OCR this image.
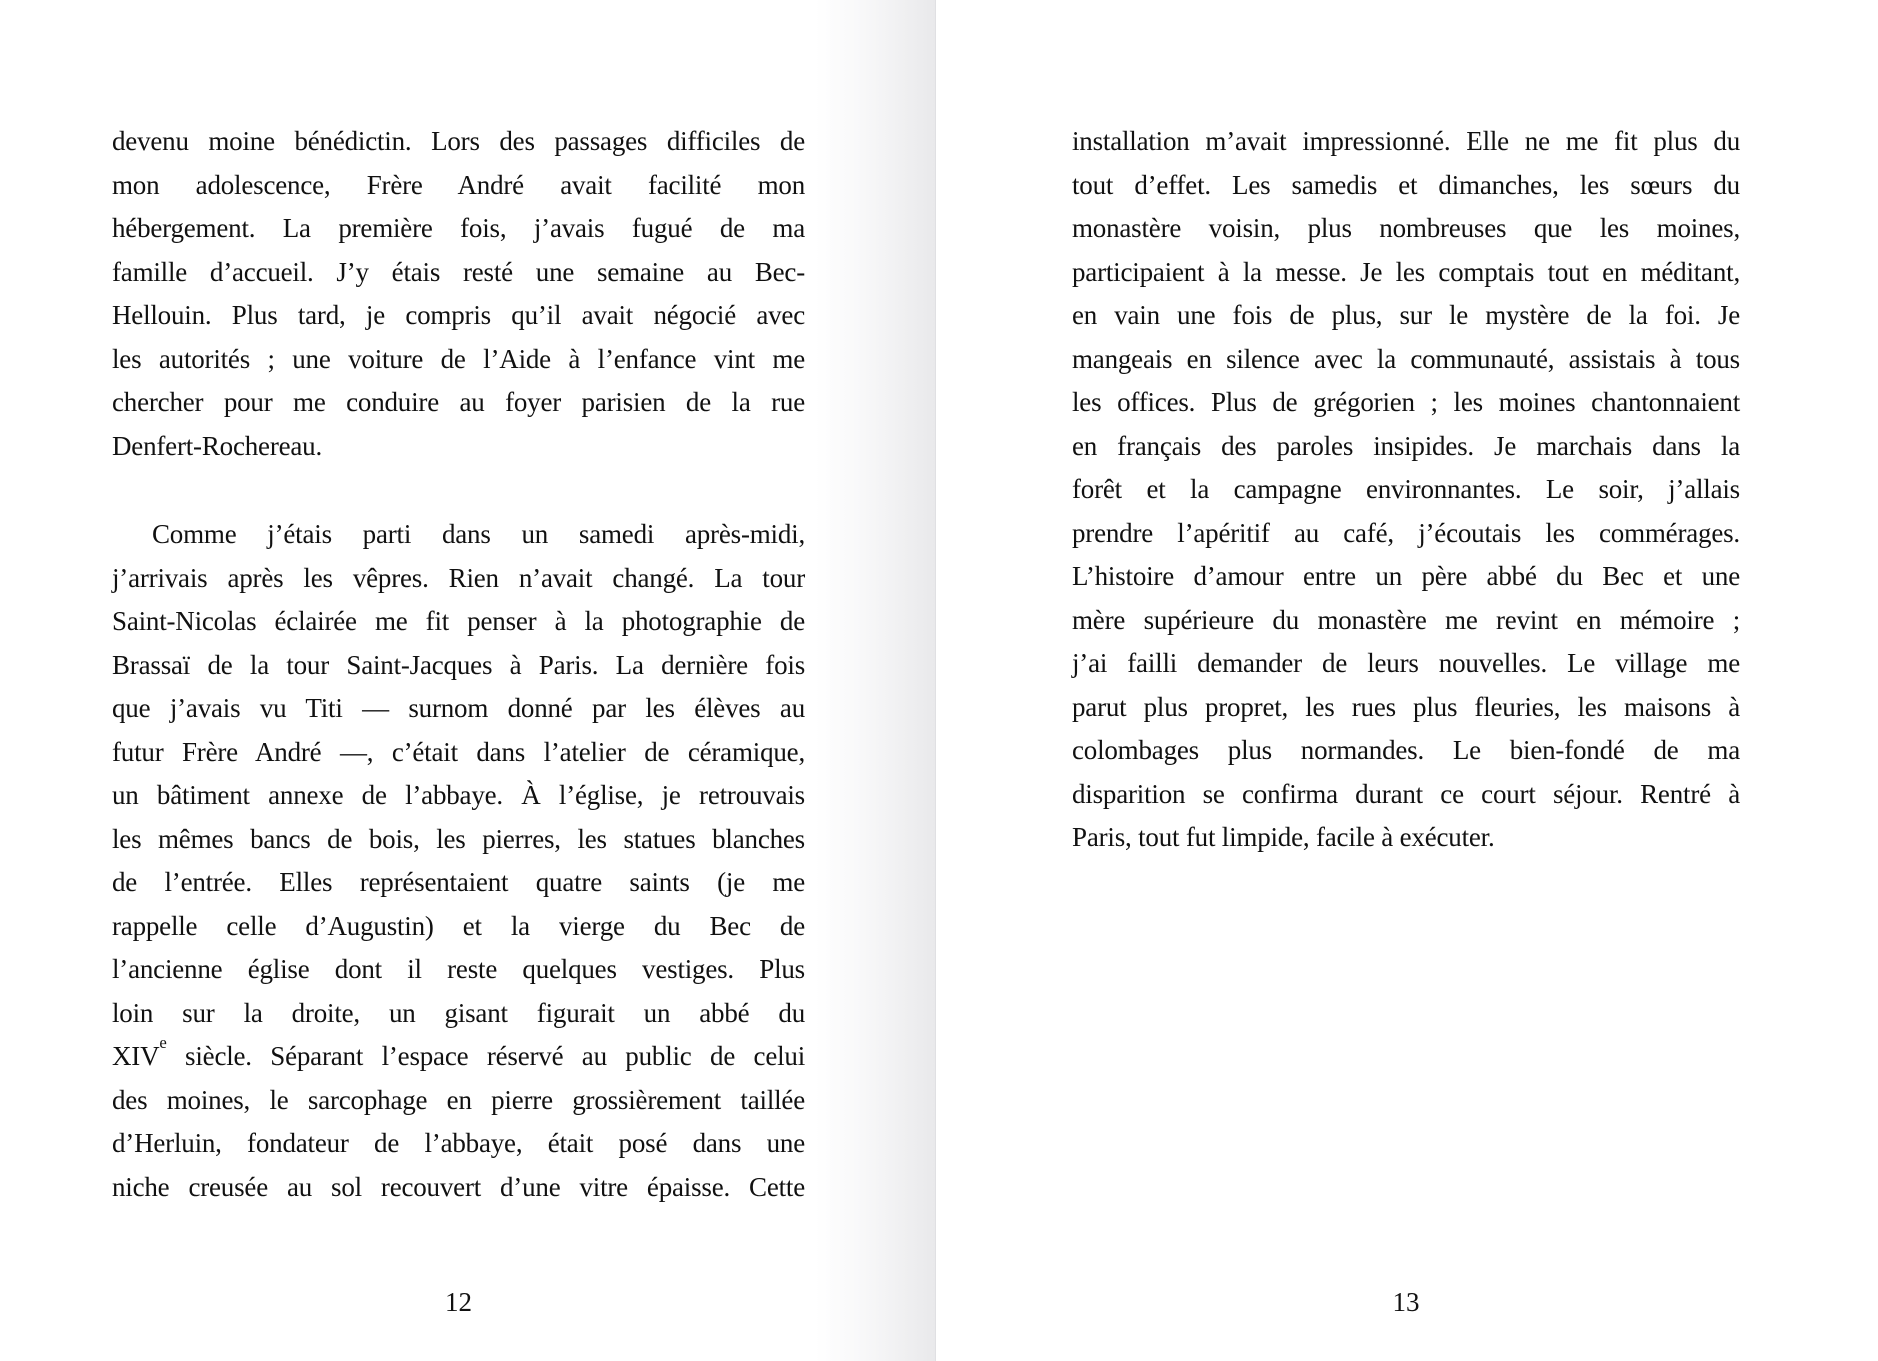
devenu moine bénédictin. Lors des passages difficiles de
mon adolescence, Frère André avait facilité mon
hébergement. La première fois, j’avais fugué de ma
famille d’accueil. J’y étais resté une semaine au Bec-
Hellouin. Plus tard, je compris qu’il avait négocié avec
les autorités ; une voiture de l’Aide à l’enfance vint me
chercher pour me conduire au foyer parisien de la rue
Denfert-Rochereau.
Comme j’étais parti dans un samedi après-midi,
j’arrivais après les vêpres. Rien n’avait changé. La tour
Saint-Nicolas éclairée me fit penser à la photographie de
Brassaï de la tour Saint-Jacques à Paris. La dernière fois
que j’avais vu Titi — surnom donné par les élèves au
futur Frère André —, c’était dans l’atelier de céramique,
un bâtiment annexe de l’abbaye. À l’église, je retrouvais
les mêmes bancs de bois, les pierres, les statues blanches
de l’entrée. Elles représentaient quatre saints (je me
rappelle celle d’Augustin) et la vierge du Bec de
l’ancienne église dont il reste quelques vestiges. Plus
loin sur la droite, un gisant figurait un abbé du
XIVe siècle. Séparant l’espace réservé au public de celui
des moines, le sarcophage en pierre grossièrement taillée
d’Herluin, fondateur de l’abbaye, était posé dans une
niche creusée au sol recouvert d’une vitre épaisse. Cette
12
installation m’avait impressionné. Elle ne me fit plus du
tout d’effet. Les samedis et dimanches, les sœurs du
monastère voisin, plus nombreuses que les moines,
participaient à la messe. Je les comptais tout en méditant,
en vain une fois de plus, sur le mystère de la foi. Je
mangeais en silence avec la communauté, assistais à tous
les offices. Plus de grégorien ; les moines chantonnaient
en français des paroles insipides. Je marchais dans la
forêt et la campagne environnantes. Le soir, j’allais
prendre l’apéritif au café, j’écoutais les commérages.
L’histoire d’amour entre un père abbé du Bec et une
mère supérieure du monastère me revint en mémoire ;
j’ai failli demander de leurs nouvelles. Le village me
parut plus propret, les rues plus fleuries, les maisons à
colombages plus normandes. Le bien-fondé de ma
disparition se confirma durant ce court séjour. Rentré à
Paris, tout fut limpide, facile à exécuter.
13
